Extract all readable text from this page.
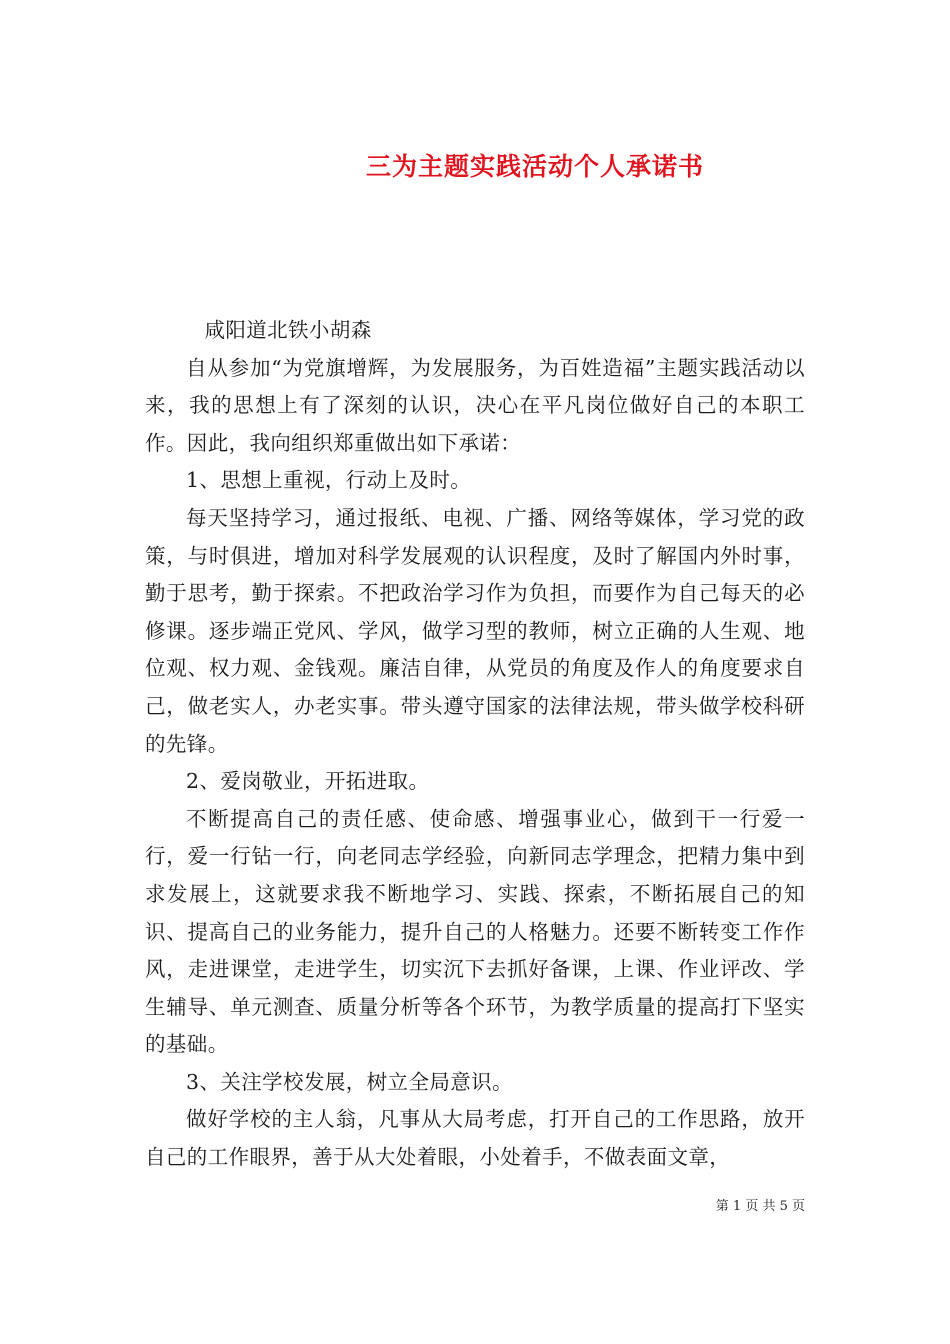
三为主题实践活动个人承诺书

咸阳道北铁小胡森

自从参加“为党旗增辉，为发展服务，为百姓造福”主题实践活动以来，我的思想上有了深刻的认识，决心在平凡岗位做好自己的本职工作。因此，我向组织郑重做出如下承诺：

1、思想上重视，行动上及时。

每天坚持学习，通过报纸、电视、广播、网络等媒体，学习党的政策，与时俱进，增加对科学发展观的认识程度，及时了解国内外时事，勤于思考，勤于探索。不把政治学习作为负担，而要作为自己每天的必修课。逐步端正党风、学风，做学习型的教师，树立正确的人生观、地位观、权力观、金钱观。廉洁自律，从党员的角度及作人的角度要求自己，做老实人，办老实事。带头遵守国家的法律法规，带头做学校科研的先锋。

2、爱岗敬业，开拓进取。

不断提高自己的责任感、使命感、增强事业心，做到干一行爱一行，爱一行钻一行，向老同志学经验，向新同志学理念，把精力集中到求发展上，这就要求我不断地学习、实践、探索，不断拓展自己的知识、提高自己的业务能力，提升自己的人格魅力。还要不断转变工作作风，走进课堂，走进学生，切实沉下去抓好备课，上课、作业评改、学生辅导、单元测查、质量分析等各个环节，为教学质量的提高打下坚实的基础。

3、关注学校发展，树立全局意识。

做好学校的主人翁，凡事从大局考虑，打开自己的工作思路，放开自己的工作眼界，善于从大处着眼，小处着手，不做表面文章，

第 1 页 共 5 页
